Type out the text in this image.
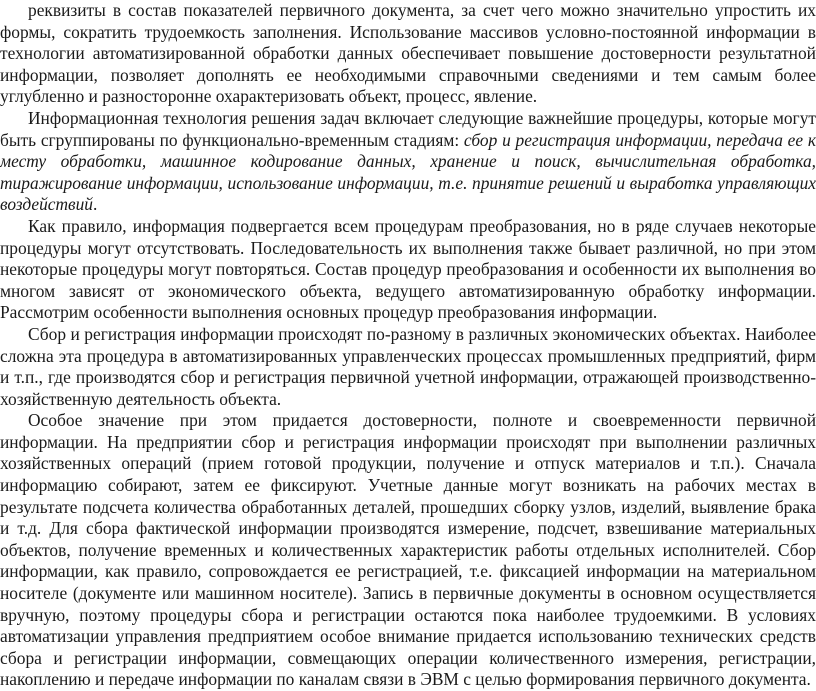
реквизиты в состав показателей первичного документа, за счет чего можно значительно упростить их формы, сократить трудоемкость заполнения. Использование массивов условно-постоянной информации в технологии автоматизированной обработки данных обеспечивает повышение достоверности результатной информации, позволяет дополнять ее необходимыми справочными сведениями и тем самым более углубленно и разносторонне охарактеризовать объект, процесс, явление.

Информационная технология решения задач включает следующие важнейшие процедуры, которые могут быть сгруппированы по функционально-временным стадиям: сбор и регистрация информации, передача ее к месту обработки, машинное кодирование данных, хранение и поиск, вычислительная обработка, тиражирование информации, использование информации, т.е. принятие решений и выработка управляющих воздействий.

Как правило, информация подвергается всем процедурам преобразования, но в ряде случаев некоторые процедуры могут отсутствовать. Последовательность их выполнения также бывает различной, но при этом некоторые процедуры могут повторяться. Состав процедур преобразования и особенности их выполнения во многом зависят от экономического объекта, ведущего автоматизированную обработку информации. Рассмотрим особенности выполнения основных процедур преобразования информации.

Сбор и регистрация информации происходят по-разному в различных экономических объектах. Наиболее сложна эта процедура в автоматизированных управленческих процессах промышленных предприятий, фирм и т.п., где производятся сбор и регистрация первичной учетной информации, отражающей производственно-хозяйственную деятельность объекта.

Особое значение при этом придается достоверности, полноте и своевременности первичной информации. На предприятии сбор и регистрация информации происходят при выполнении различных хозяйственных операций (прием готовой продукции, получение и отпуск материалов и т.п.). Сначала информацию собирают, затем ее фиксируют. Учетные данные могут возникать на рабочих местах в результате подсчета количества обработанных деталей, прошедших сборку узлов, изделий, выявление брака и т.д. Для сбора фактической информации производятся измерение, подсчет, взвешивание материальных объектов, получение временных и количественных характеристик работы отдельных исполнителей. Сбор информации, как правило, сопровождается ее регистрацией, т.е. фиксацией информации на материальном носителе (документе или машинном носителе). Запись в первичные документы в основном осуществляется вручную, поэтому процедуры сбора и регистрации остаются пока наиболее трудоемкими. В условиях автоматизации управления предприятием особое внимание придается использованию технических средств сбора и регистрации информации, совмещающих операции количественного измерения, регистрации, накоплению и передаче информации по каналам связи в ЭВМ с целью формирования первичного документа.
